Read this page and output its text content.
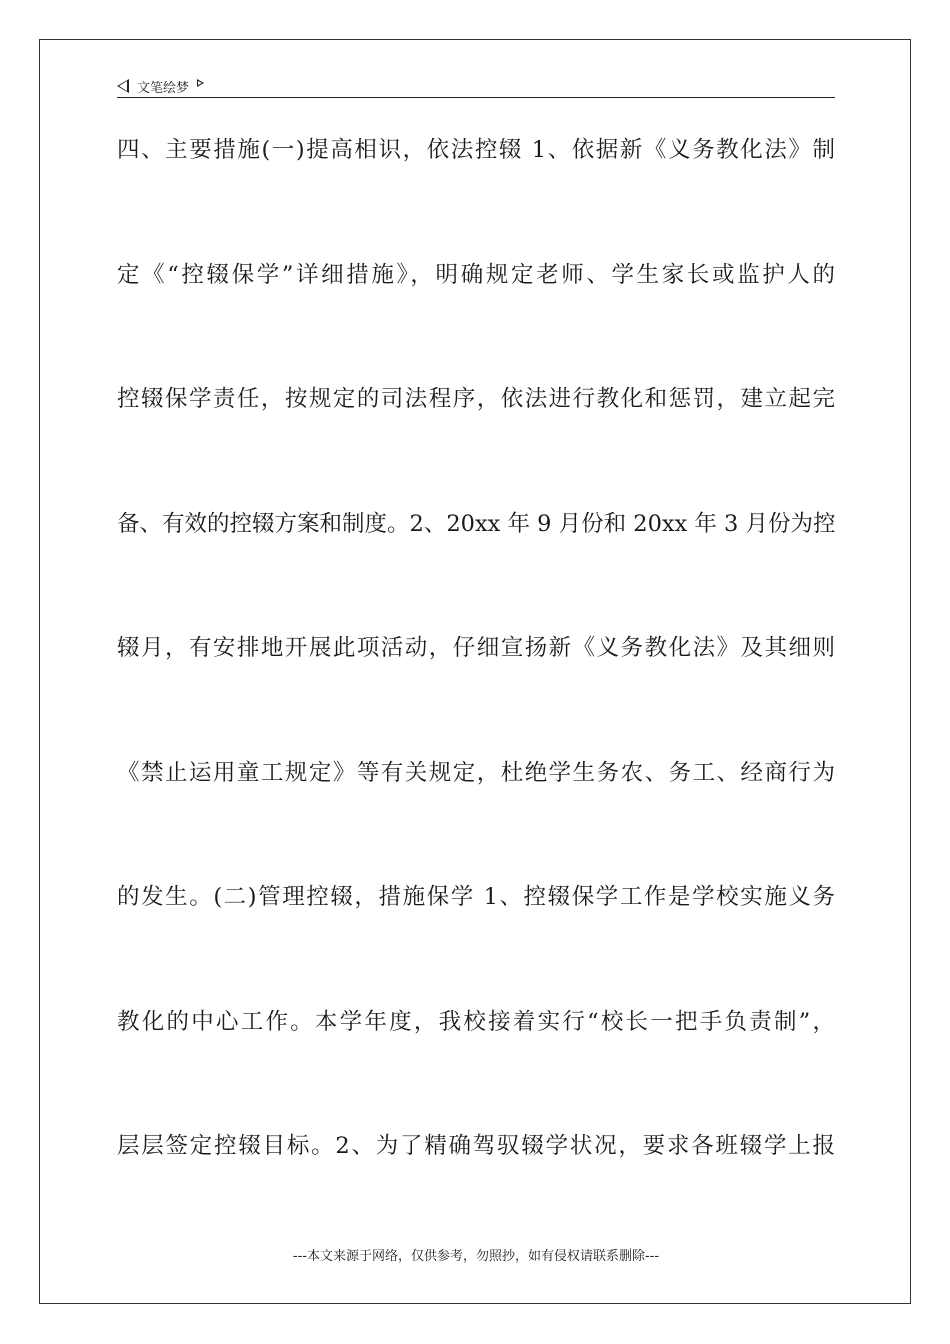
文笔绘梦
四、主要措施(一)提高相识，依法控辍 1、依据新《义务教化法》制
定《“控辍保学”详细措施》，明确规定老师、学生家长或监护人的
控辍保学责任，按规定的司法程序，依法进行教化和惩罚，建立起完
备、有效的控辍方案和制度。2、20xx 年 9 月份和 20xx 年 3 月份为控
辍月，有安排地开展此项活动，仔细宣扬新《义务教化法》及其细则
《禁止运用童工规定》等有关规定，杜绝学生务农、务工、经商行为
的发生。(二)管理控辍，措施保学 1、控辍保学工作是学校实施义务
教化的中心工作。本学年度，我校接着实行“校长一把手负责制”，
层层签定控辍目标。2、为了精确驾驭辍学状况，要求各班辍学上报
---本文来源于网络，仅供参考，勿照抄，如有侵权请联系删除---
